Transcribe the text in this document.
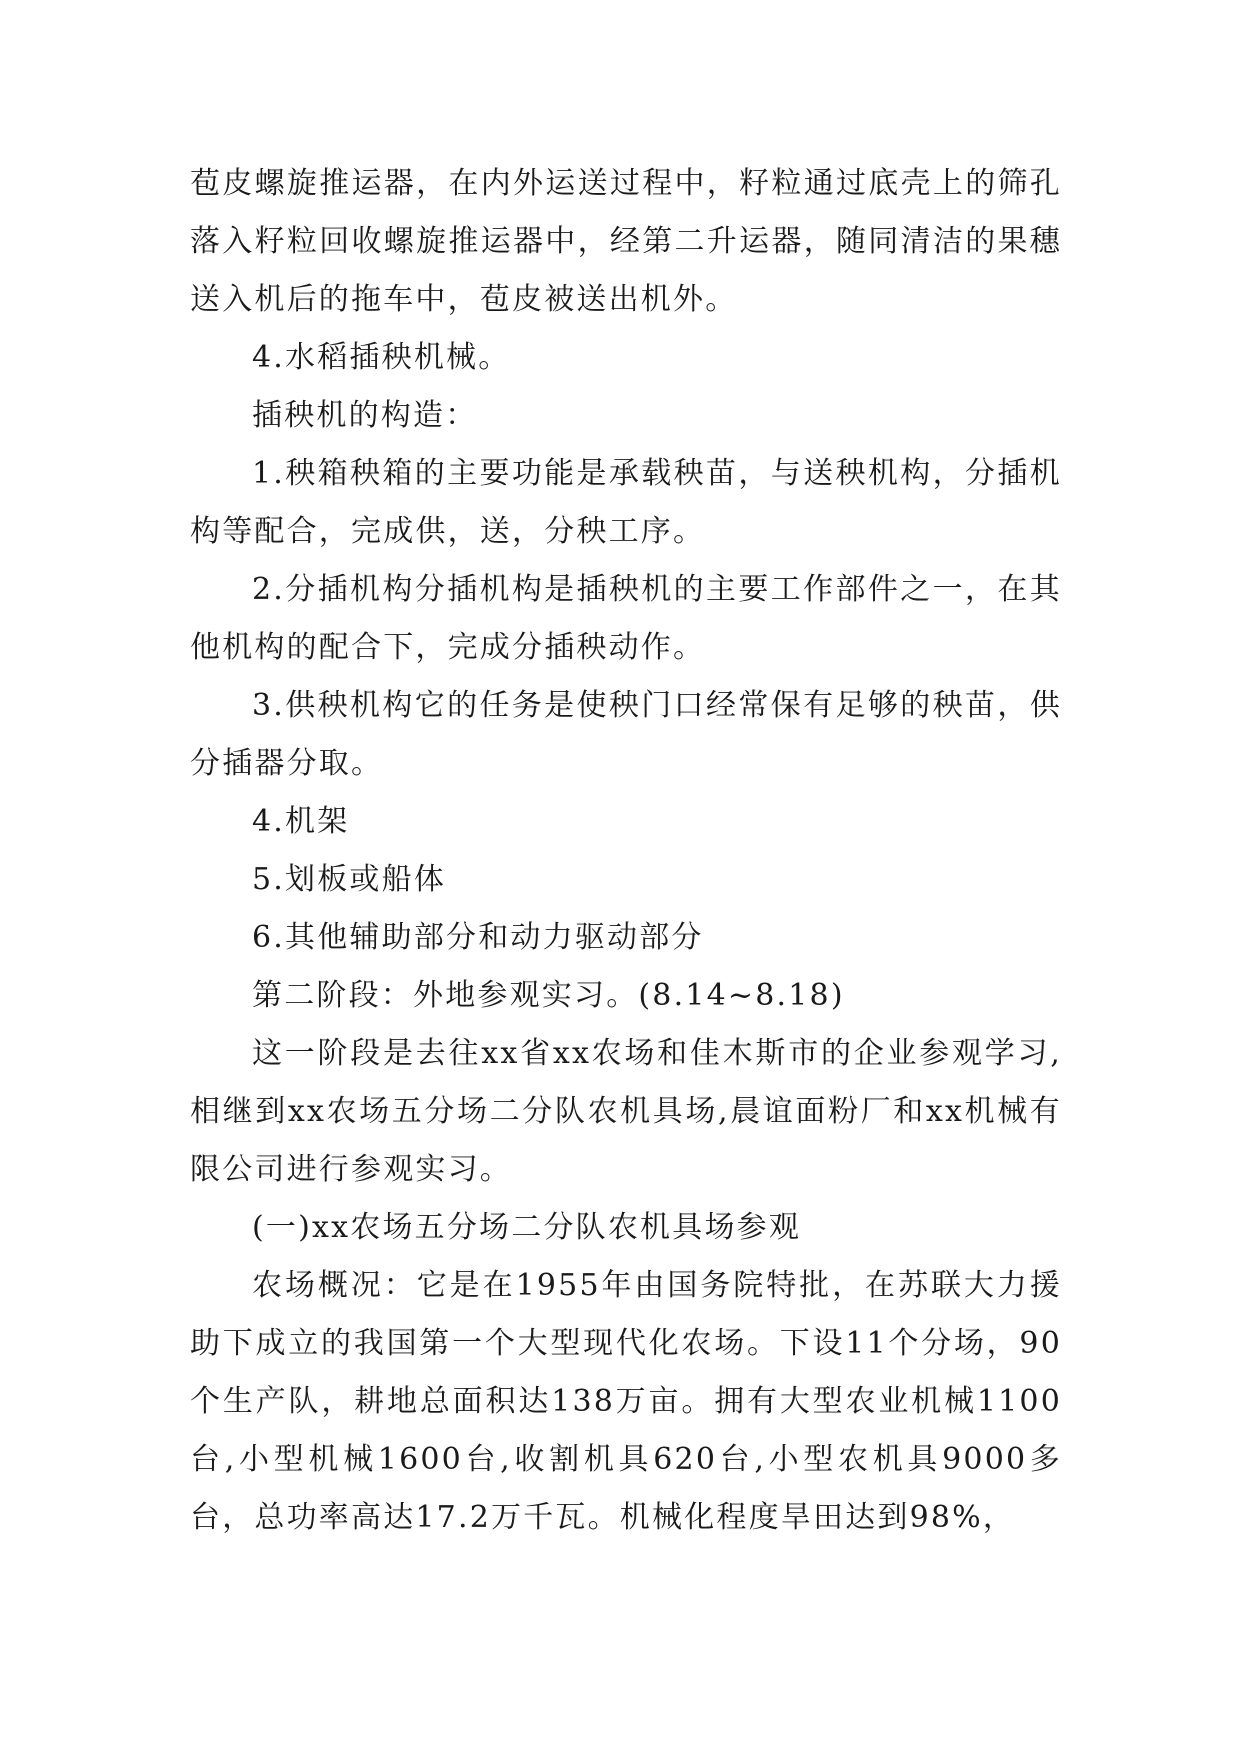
苞皮螺旋推运器，在内外运送过程中，籽粒通过底壳上的筛孔落入籽粒回收螺旋推运器中，经第二升运器，随同清洁的果穗送入机后的拖车中，苞皮被送出机外。

4.水稻插秧机械。

插秧机的构造：

1.秧箱秧箱的主要功能是承载秧苗，与送秧机构，分插机构等配合，完成供，送，分秧工序。

2.分插机构分插机构是插秧机的主要工作部件之一，在其他机构的配合下，完成分插秧动作。

3.供秧机构它的任务是使秧门口经常保有足够的秧苗，供分插器分取。

4.机架

5.划板或船体

6.其他辅助部分和动力驱动部分

第二阶段：外地参观实习。(8.14~8.18)

这一阶段是去往xx省xx农场和佳木斯市的企业参观学习,相继到xx农场五分场二分队农机具场,晨谊面粉厂和xx机械有限公司进行参观实习。

(一)xx农场五分场二分队农机具场参观

农场概况：它是在1955年由国务院特批，在苏联大力援助下成立的我国第一个大型现代化农场。下设11个分场，90个生产队，耕地总面积达138万亩。拥有大型农业机械1100台,小型机械1600台,收割机具620台,小型农机具9000多台，总功率高达17.2万千瓦。机械化程度旱田达到98%，
